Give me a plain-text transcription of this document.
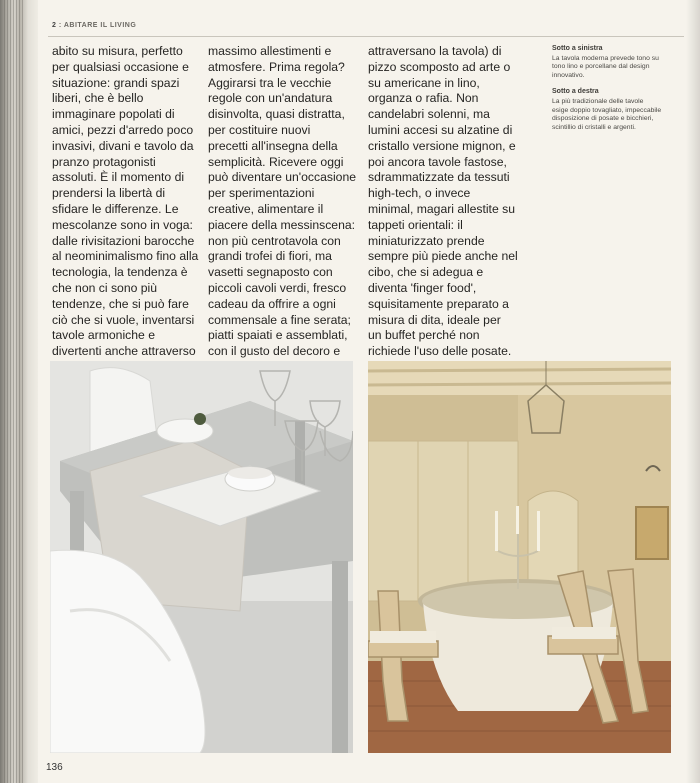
2 : ABITARE IL LIVING
abito su misura, perfetto
per qualsiasi occasione e
situazione: grandi spazi
liberi, che è bello
immaginare popolati di
amici, pezzi d'arredo poco
invasivi, divani e tavolo da
pranzo protagonisti
assoluti. È il momento di
prendersi la libertà di
sfidare le differenze. Le
mescolanze sono in voga:
dalle rivisitazioni barocche
al neominimalismo fino alla
tecnologia, la tendenza è
che non ci sono più
tendenze, che si può fare
ciò che si vuole, inventarsi
tavole armoniche e
divertenti anche attraverso

massimo allestimenti e
atmosfere. Prima regola?
Aggirarsi tra le vecchie
regole con un'andatura
disinvolta, quasi distratta,
per costituire nuovi
precetti all'insegna della
semplicità. Ricevere oggi
può diventare un'occasione
per sperimentazioni
creative, alimentare il
piacere della messinscena:
non più centrotavola con
grandi trofei di fiori, ma
vasetti segnaposto con
piccoli cavoli verdi, fresco
cadeau da offrire a ogni
commensale a fine serata;
piatti spaiati e assemblati,
con il gusto del decoro e

attraversano la tavola) di
pizzo scomposto ad arte o
su americane in lino,
organza o rafia. Non
candelabri solenni, ma
lumini accesi su alzatine di
cristallo versione mignon, e
poi ancora tavole fastose,
sdrammatizzate da tessuti
high-tech, o invece
minimal, magari allestite su
tappeti orientali: il
miniaturizzato prende
sempre più piede anche nel
cibo, che si adegua e
diventa 'finger food',
squisitamente preparato a
misura di dita, ideale per
un buffet perché non
richiede l'uso delle posate.

Sotto a sinistra

La tavola moderna prevede tono su
tono lino e porcellane dal design
innovativo.

Sotto a destra

La più tradizionale delle tavole
esige doppio tovagliato, impeccabile
disposizione di posate e bicchieri,
scintillio di cristalli e argenti.

136
